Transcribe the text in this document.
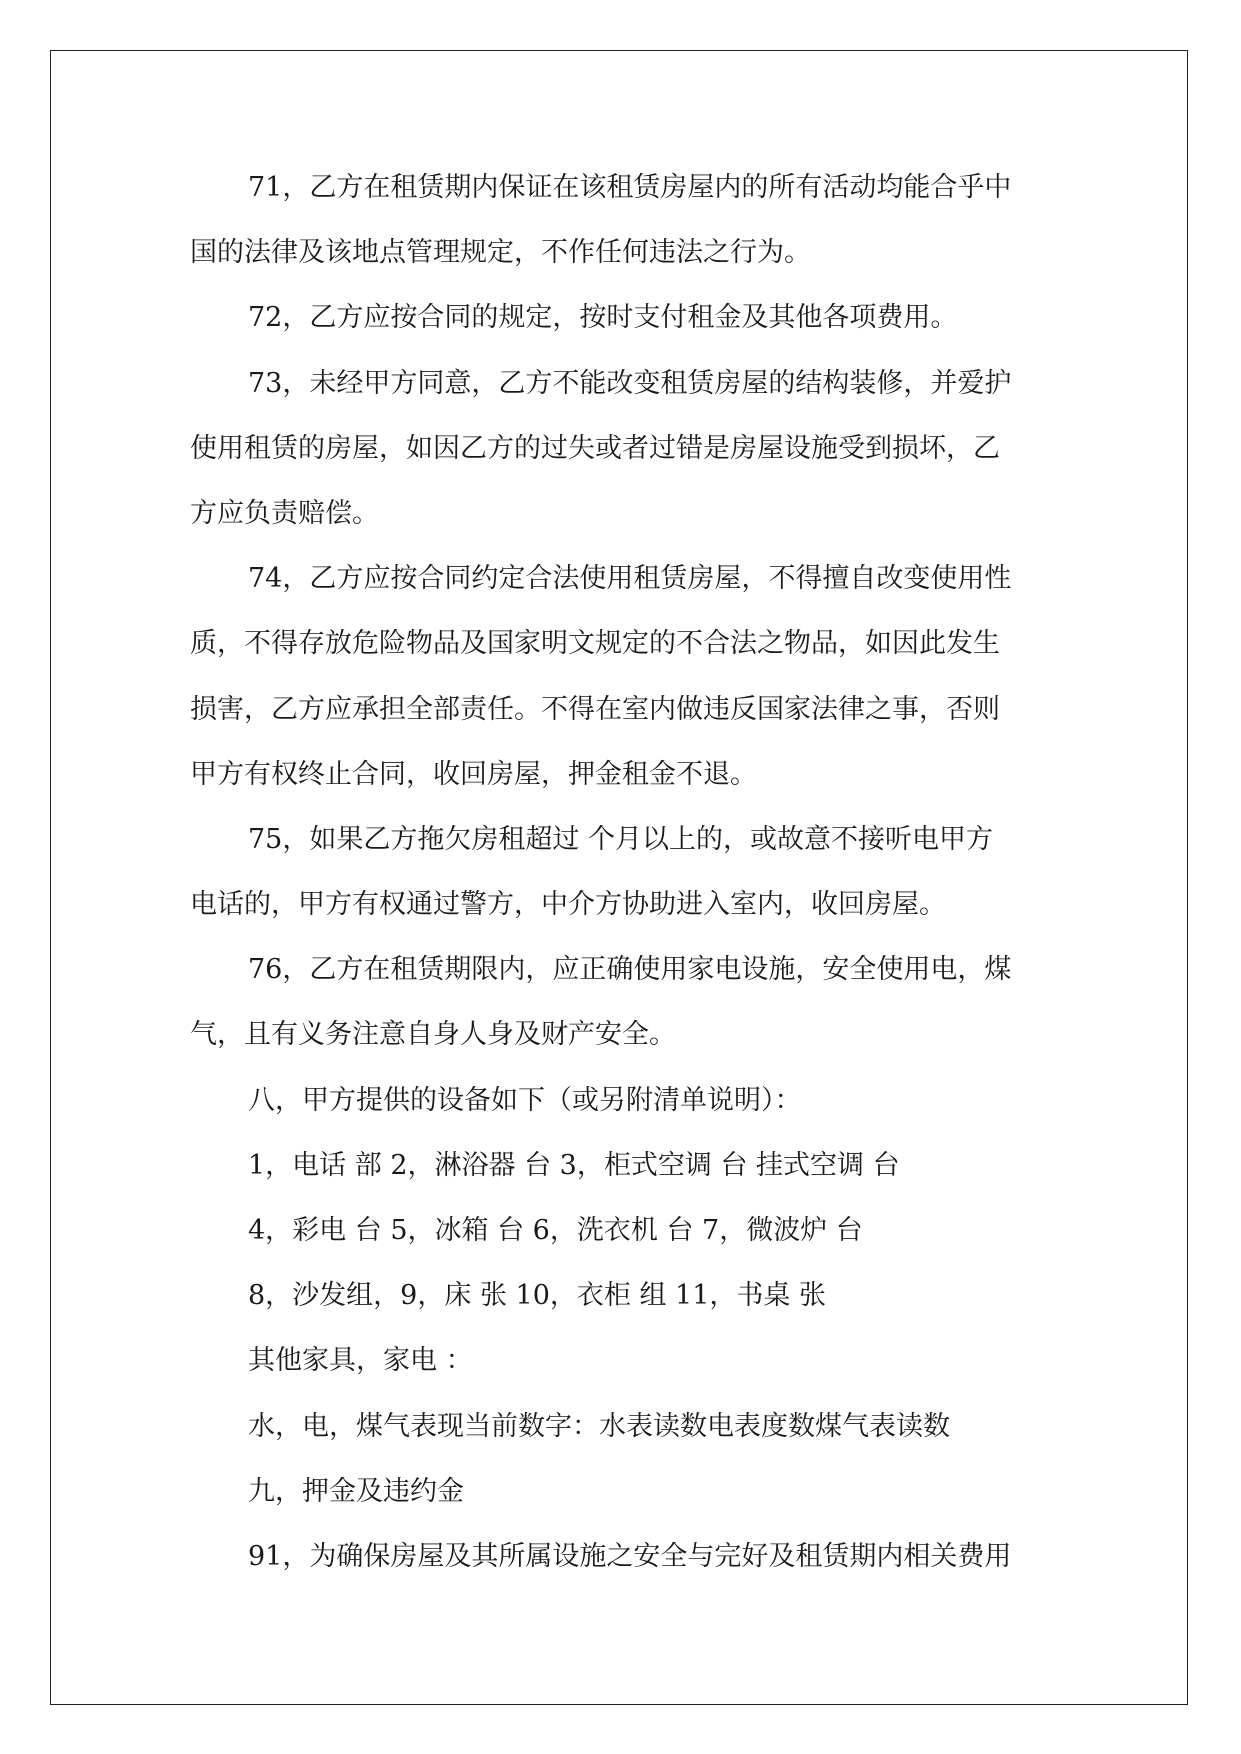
71，乙方在租赁期内保证在该租赁房屋内的所有活动均能合乎中
国的法律及该地点管理规定，不作任何违法之行为。
72，乙方应按合同的规定，按时支付租金及其他各项费用。
73，未经甲方同意，乙方不能改变租赁房屋的结构装修，并爱护
使用租赁的房屋，如因乙方的过失或者过错是房屋设施受到损坏，乙
方应负责赔偿。
74，乙方应按合同约定合法使用租赁房屋，不得擅自改变使用性
质，不得存放危险物品及国家明文规定的不合法之物品，如因此发生
损害，乙方应承担全部责任。不得在室内做违反国家法律之事，否则
甲方有权终止合同，收回房屋，押金租金不退。
75，如果乙方拖欠房租超过 个月以上的，或故意不接听电甲方
电话的，甲方有权通过警方，中介方协助进入室内，收回房屋。
76，乙方在租赁期限内，应正确使用家电设施，安全使用电，煤
气，且有义务注意自身人身及财产安全。
八，甲方提供的设备如下（或另附清单说明）：
1，电话 部 2，淋浴器 台 3，柜式空调 台 挂式空调 台
4，彩电 台 5，冰箱 台 6，洗衣机 台 7，微波炉 台
8，沙发组，9，床 张 10，衣柜 组 11，书桌 张
其他家具，家电 ：
水，电，煤气表现当前数字：水表读数电表度数煤气表读数
九，押金及违约金
91，为确保房屋及其所属设施之安全与完好及租赁期内相关费用
